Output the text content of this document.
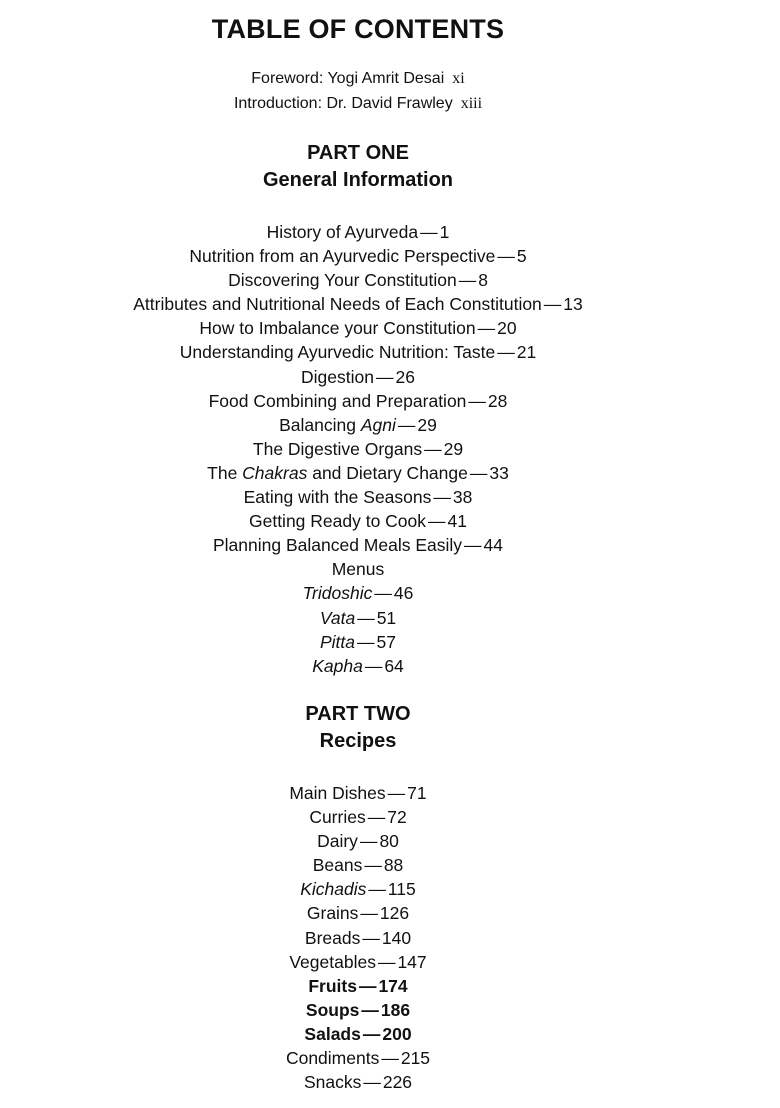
TABLE OF CONTENTS
Foreword: Yogi Amrit Desai xi
Introduction: Dr. David Frawley xiii
PART ONE
General Information
History of Ayurveda — 1
Nutrition from an Ayurvedic Perspective — 5
Discovering Your Constitution — 8
Attributes and Nutritional Needs of Each Constitution — 13
How to Imbalance your Constitution — 20
Understanding Ayurvedic Nutrition: Taste — 21
Digestion — 26
Food Combining and Preparation — 28
Balancing Agni — 29
The Digestive Organs — 29
The Chakras and Dietary Change — 33
Eating with the Seasons — 38
Getting Ready to Cook — 41
Planning Balanced Meals Easily — 44
Menus
Tridoshic — 46
Vata — 51
Pitta — 57
Kapha — 64
PART TWO
Recipes
Main Dishes — 71
Curries — 72
Dairy — 80
Beans — 88
Kichadis — 115
Grains — 126
Breads — 140
Vegetables — 147
Fruits — 174
Soups — 186
Salads — 200
Condiments — 215
Snacks — 226
